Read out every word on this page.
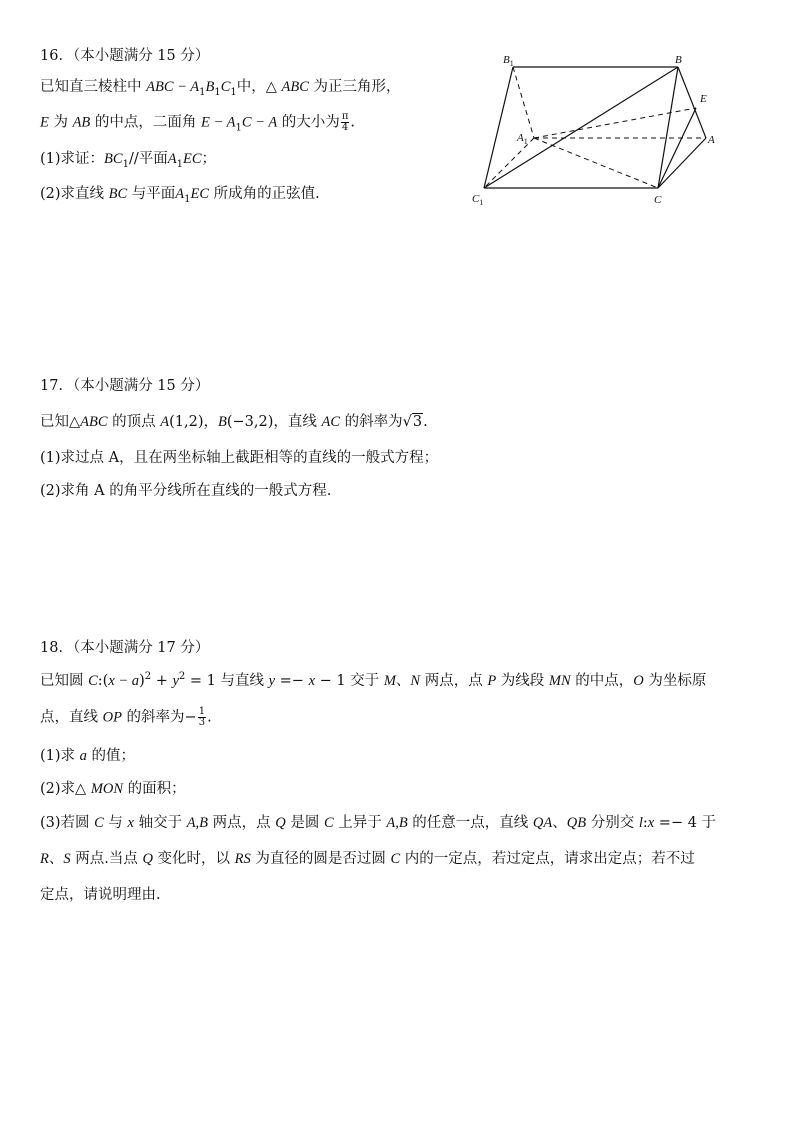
16．（本小题满分 15 分）
已知直三棱柱中 ABC − $A_1B_1C_1$中，△ ABC 为正三角形，
E 为 AB 的中点，二面角 $E - A_1C - A$ 的大小为 $\frac{\pi}{4}$ .
(1)求证：$BC_1//$平面$A_1EC$；
(2)求直线 BC 与平面$A_1EC$ 所成角的正弦值.
$B_1$	B
E
$A_1$	A
$C_1$	C
17．（本小题满分 15 分）
已知△ABC 的顶点 A(1,2)，B(−3,2)，直线 AC 的斜率为√3.
(1)求过点 A，且在两坐标轴上截距相等的直线的一般式方程；
(2)求角 A 的角平分线所在直线的一般式方程.
18．（本小题满分 17 分）
已知圆 C:(x − $a)^2 + y^2 = 1$ 与直线 y =− x − 1 交于 M、N 两点，点 P 为线段 MN 的中点，O 为坐标原
点，直线 OP 的斜率为− $\frac{1}{3}$ .
(1)求 a 的值；
(2)求△ MON 的面积；
(3)若圆 C 与 x 轴交于 A,B 两点，点 Q 是圆 C 上异于 A,B 的任意一点，直线 QA、QB 分别交 l:x =− 4 于
R、S 两点.当点 Q 变化时，以 RS 为直径的圆是否过圆 C 内的一定点，若过定点，请求出定点；若不过
定点，请说明理由.
